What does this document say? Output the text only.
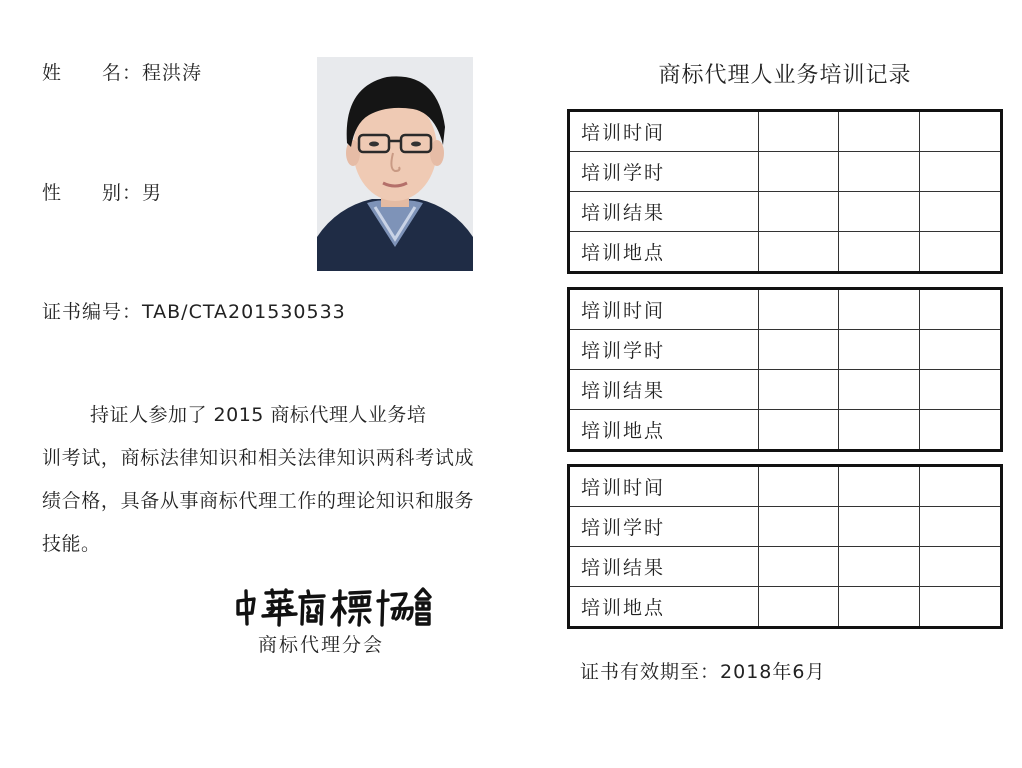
姓　　名：程洪涛
性　　别：男
证书编号：TAB/CTA201530533
持证人参加了 2015 商标代理人业务培
训考试，商标法律知识和相关法律知识两科考试成绩合格，具备从事商标代理工作的理论知识和服务技能。
商标代理分会
商标代理人业务培训记录
培训时间			
培训学时			
培训结果			
培训地点			
培训时间			
培训学时			
培训结果			
培训地点			
培训时间			
培训学时			
培训结果			
培训地点			
证书有效期至：2018年6月
